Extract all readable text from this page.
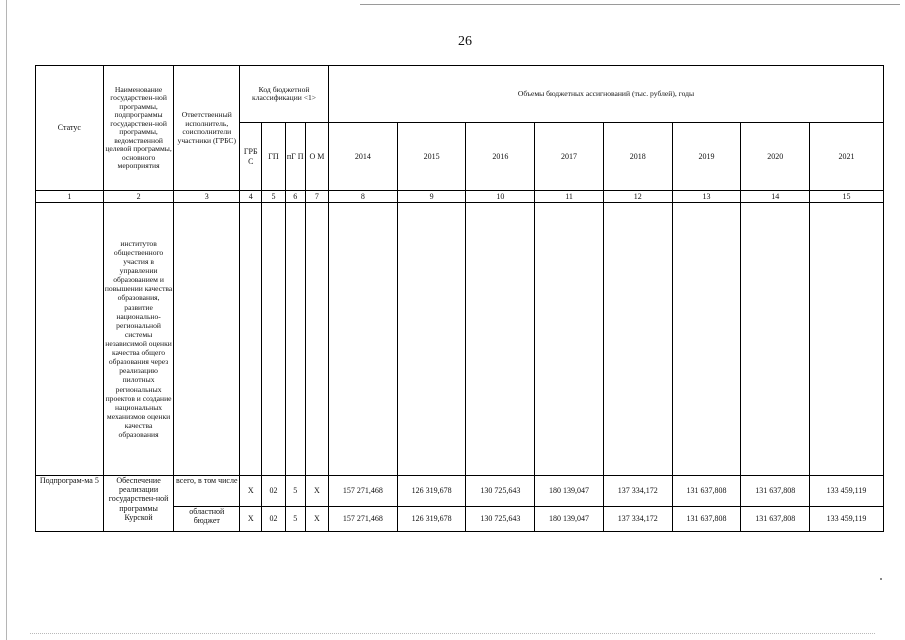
26
Статус	Наименование государствен-ной программы, подпрограммы государствен-ной программы, ведомственной целевой программы, основного мероприятия	Ответственный исполнитель, соисполнители участники (ГРБС)	Код бюджетной классификации <1>				Объемы бюджетных ассигнований (тыс. рублей), годы							
			ГРБ С	ГП	пГ П	О М	2014	2015	2016	2017	2018	2019	2020	2021
1	2	3	4	5	6	7	8	9	10	11	12	13	14	15
	институтов общественного участия в управлении образованием и повышении качества образования, развитие национально-региональной системы независимой оценки качества общего образования через реализацию пилотных региональных проектов и создание национальных механизмов оценки качества образования													
Подпрограм-ма 5	Обеспечение реализации государствен-ной программы Курской	всего, в том числе	X	02	5	X	157 271,468	126 319,678	130 725,643	180 139,047	137 334,172	131 637,808	131 637,808	133 459,119
		областной бюджет	X	02	5	X	157 271,468	126 319,678	130 725,643	180 139,047	137 334,172	131 637,808	131 637,808	133 459,119
